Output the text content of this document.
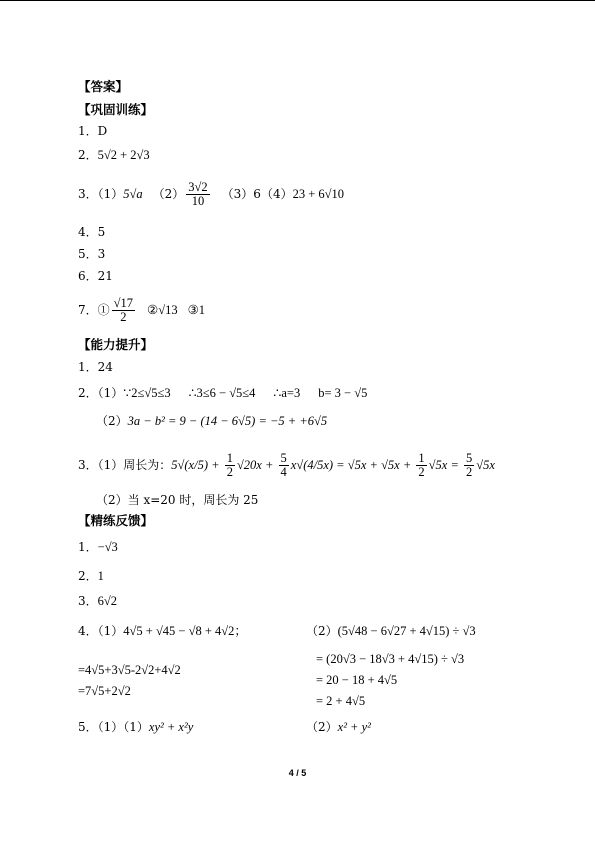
【答案】
【巩固训练】
1．D
2．5√2 + 2√3
3．（1）5√a $(2) \frac{3√2}{10} (3)6(4)23 + 6√10$
4．5
5．3
6．21
7．① $\frac{√17}{2}$ ②√13 ③1
【能力提升】
1．24
2．（1）∵2≤√5≤3 ∴3≤6 − √5≤4 ∴a=3 b= 3 − √5
（2）3a − b² = 9 − (14 − 6√5) = −5 + +6√5
3．（1）周长为：$5√(x/5) + \frac{1}{2} √20x + \frac{5}{4} x√(4/5x) = √5x + √5x + \frac{1}{2} √5x = \frac{5}{2} √5x$
（2）当 x=20 时，周长为 25
【精练反馈】
1．−√3
2．1
3．6√2
4．（1）4√5 + √45 − √8 + 4√2；	（2）(5√48 − 6√27 + 4√15) ÷ √3
= (20√3 − 18√3 + 4√15) ÷ √3
=4√5+3√5-2√2+4√2
= 20 − 18 + 4√5
=7√5+2√2
= 2 + 4√5
5．（1）（1）xy² + x²y	（2）x² + y²
4 / 5
